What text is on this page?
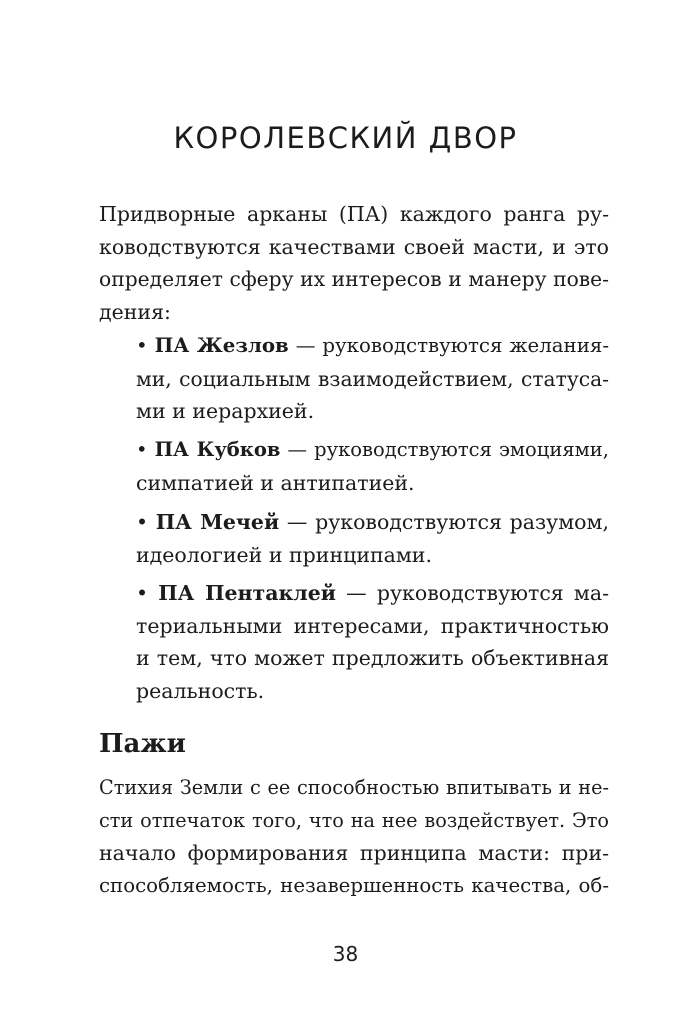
КОРОЛЕВСКИЙ ДВОР
Придворные арканы (ПА) каждого ранга ру-
ководствуются качествами своей масти, и это
определяет сферу их интересов и манеру пове-
дения:
• ПА Жезлов — руководствуются желания-
ми, социальным взаимодействием, статуса-
ми и иерархией.
• ПА Кубков — руководствуются эмоциями,
симпатией и антипатией.
• ПА Мечей — руководствуются разумом,
идеологией и принципами.
• ПА Пентаклей — руководствуются ма-
териальными интересами, практичностью
и тем, что может предложить объективная
реальность.
Пажи
Стихия Земли с ее способностью впитывать и не-
сти отпечаток того, что на нее воздействует. Это
начало формирования принципа масти: при-
способляемость, незавершенность качества, об-
38
